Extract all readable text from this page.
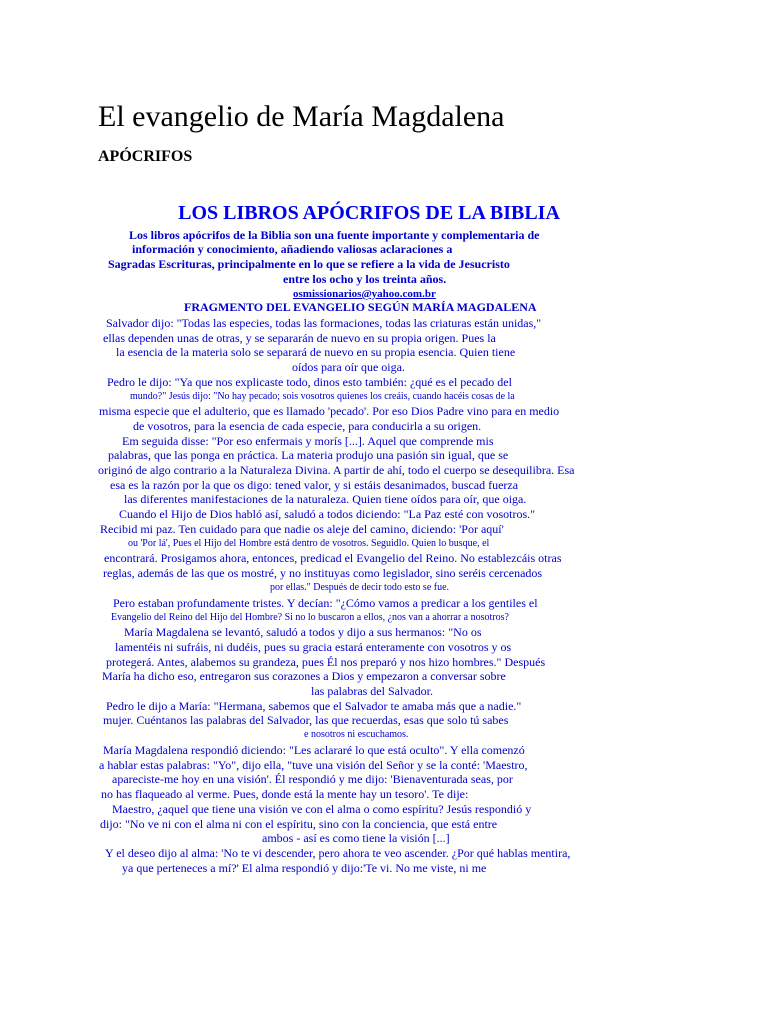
El evangelio de María Magdalena
APÓCRIFOS
LOS LIBROS APÓCRIFOS DE LA BIBLIA
Los libros apócrifos de la Biblia son una fuente importante y complementaria de
información y conocimiento, añadiendo valiosas aclaraciones a
Sagradas Escrituras, principalmente en lo que se refiere a la vida de Jesucristo
entre los ocho y los treinta años.
osmissionarios@yahoo.com.br
FRAGMENTO DEL EVANGELIO SEGÚN MARÍA MAGDALENA
Salvador dijo: "Todas las especies, todas las formaciones, todas las criaturas están unidas,"
ellas dependen unas de otras, y se separarán de nuevo en su propia origen. Pues la
la esencia de la materia solo se separará de nuevo en su propia esencia. Quien tiene
oídos para oír que oiga.
Pedro le dijo: "Ya que nos explicaste todo, dinos esto también: ¿qué es el pecado del
mundo?" Jesús dijo: "No hay pecado; sois vosotros quienes los creáis, cuando hacéis cosas de la
misma especie que el adulterio, que es llamado 'pecado'. Por eso Dios Padre vino para en medio
de vosotros, para la esencia de cada especie, para conducirla a su origen.
Em seguida disse: "Por eso enfermais y morís [...]. Aquel que comprende mis
palabras, que las ponga en práctica. La materia produjo una pasión sin igual, que se
originó de algo contrario a la Naturaleza Divina. A partir de ahí, todo el cuerpo se desequilibra. Esa
esa es la razón por la que os digo: tened valor, y si estáis desanimados, buscad fuerza
las diferentes manifestaciones de la naturaleza. Quien tiene oídos para oír, que oiga.
Cuando el Hijo de Dios habló así, saludó a todos diciendo: "La Paz esté con vosotros."
Recibid mi paz. Ten cuidado para que nadie os aleje del camino, diciendo: 'Por aquí'
ou 'Por lá', Pues el Hijo del Hombre está dentro de vosotros. Seguidlo. Quien lo busque, el
encontrará. Prosigamos ahora, entonces, predicad el Evangelio del Reino. No establezcáis otras
reglas, además de las que os mostré, y no instituyas como legislador, sino seréis cercenados
por ellas." Después de decir todo esto se fue.
Pero estaban profundamente tristes. Y decían: "¿Cómo vamos a predicar a los gentiles el
Evangelio del Reino del Hijo del Hombre? Si no lo buscaron a ellos, ¿nos van a ahorrar a nosotros?
María Magdalena se levantó, saludó a todos y dijo a sus hermanos: "No os
lamentéis ni sufráis, ni dudéis, pues su gracia estará enteramente con vosotros y os
protegerá. Antes, alabemos su grandeza, pues Él nos preparó y nos hizo hombres." Después
María ha dicho eso, entregaron sus corazones a Dios y empezaron a conversar sobre
las palabras del Salvador.
Pedro le dijo a María: "Hermana, sabemos que el Salvador te amaba más que a nadie."
mujer. Cuéntanos las palabras del Salvador, las que recuerdas, esas que solo tú sabes
e nosotros ni escuchamos.
María Magdalena respondió diciendo: "Les aclararé lo que está oculto". Y ella comenzó
a hablar estas palabras: "Yo", dijo ella, "tuve una visión del Señor y se la conté: 'Maestro,
apareciste-me hoy en una visión'. Él respondió y me dijo: 'Bienaventurada seas, por
no has flaqueado al verme. Pues, donde está la mente hay un tesoro'. Te dije:
Maestro, ¿aquel que tiene una visión ve con el alma o como espíritu? Jesús respondió y
dijo: "No ve ni con el alma ni con el espíritu, sino con la conciencia, que está entre
ambos - así es como tiene la visión [...]
Y el deseo dijo al alma: 'No te vi descender, pero ahora te veo ascender. ¿Por qué hablas mentira,
ya que perteneces a mí?' El alma respondió y dijo:'Te vi. No me viste, ni me
